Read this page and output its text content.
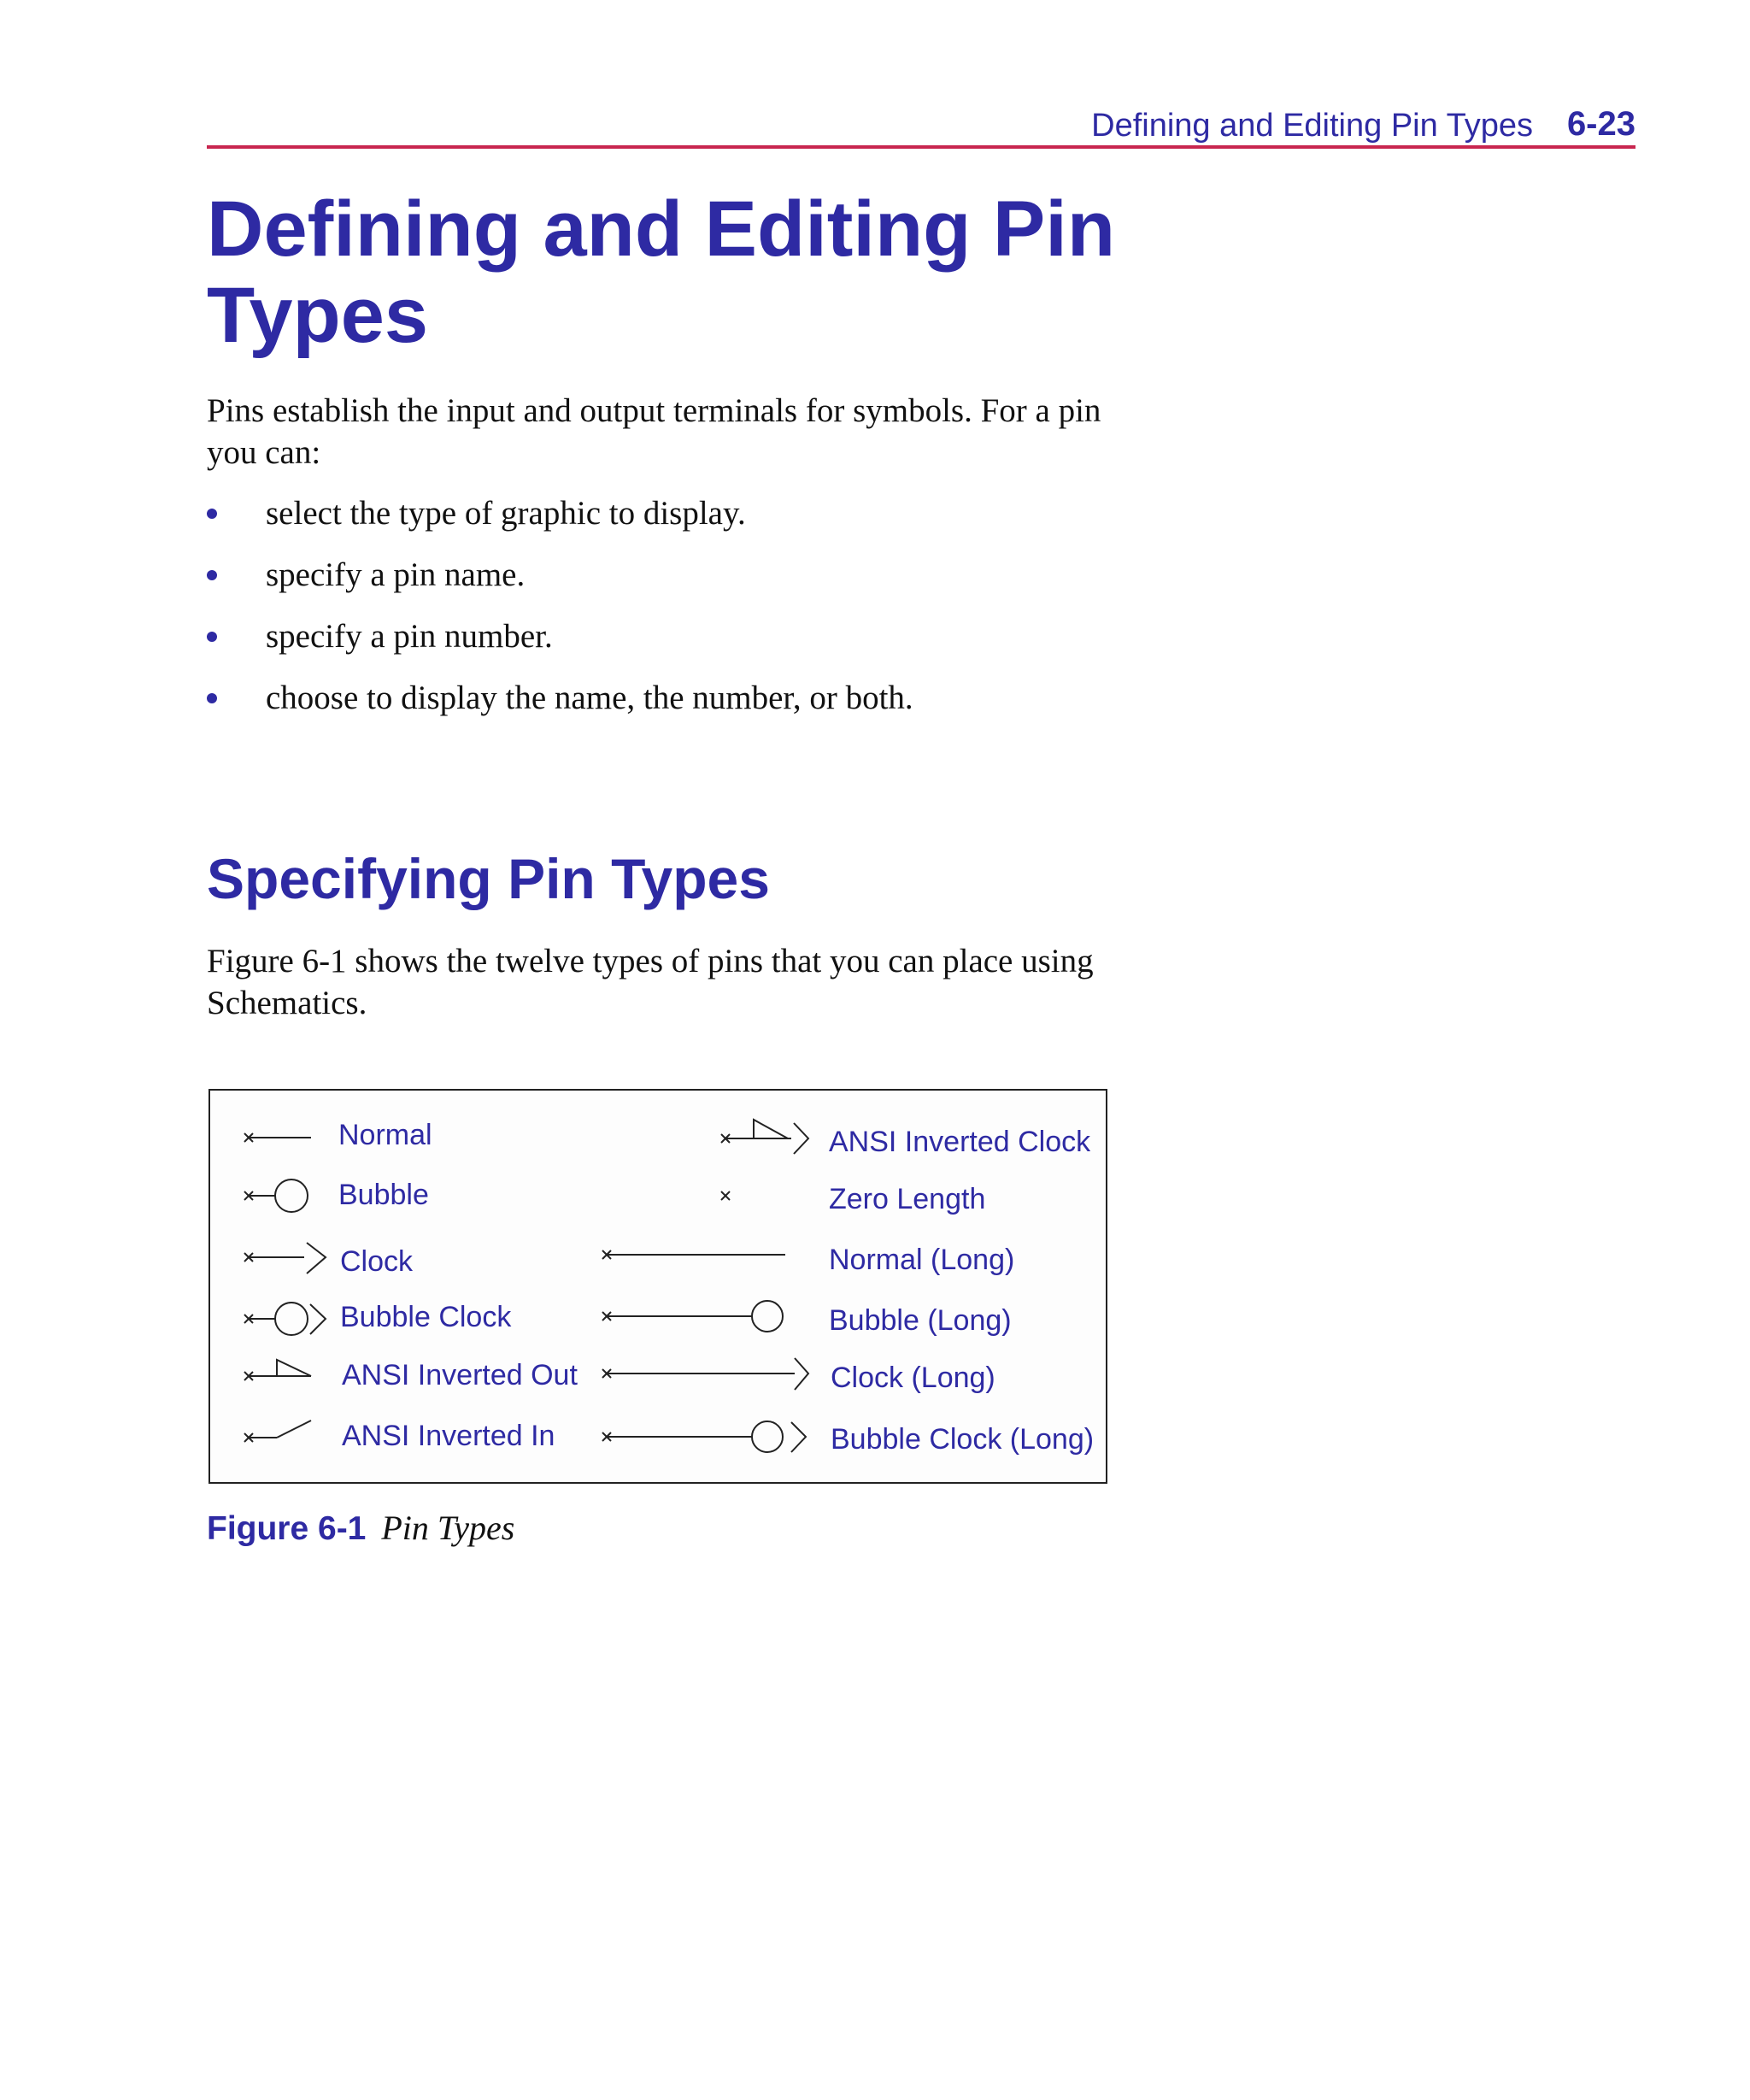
Defining and Editing Pin Types 6-23
Defining and Editing Pin Types

Pins establish the input and output terminals for symbols. For a pin you can:

select the type of graphic to display.
specify a pin name.
specify a pin number.
choose to display the name, the number, or both.
Specifying Pin Types

Figure 6-1 shows the twelve types of pins that you can place using Schematics.

Normal
Bubble
Clock
Bubble Clock
ANSI Inverted Out
ANSI Inverted In
ANSI Inverted Clock
Zero Length
Normal (Long)
Bubble (Long)
Clock (Long)
Bubble Clock (Long)
Figure 6-1 Pin Types
